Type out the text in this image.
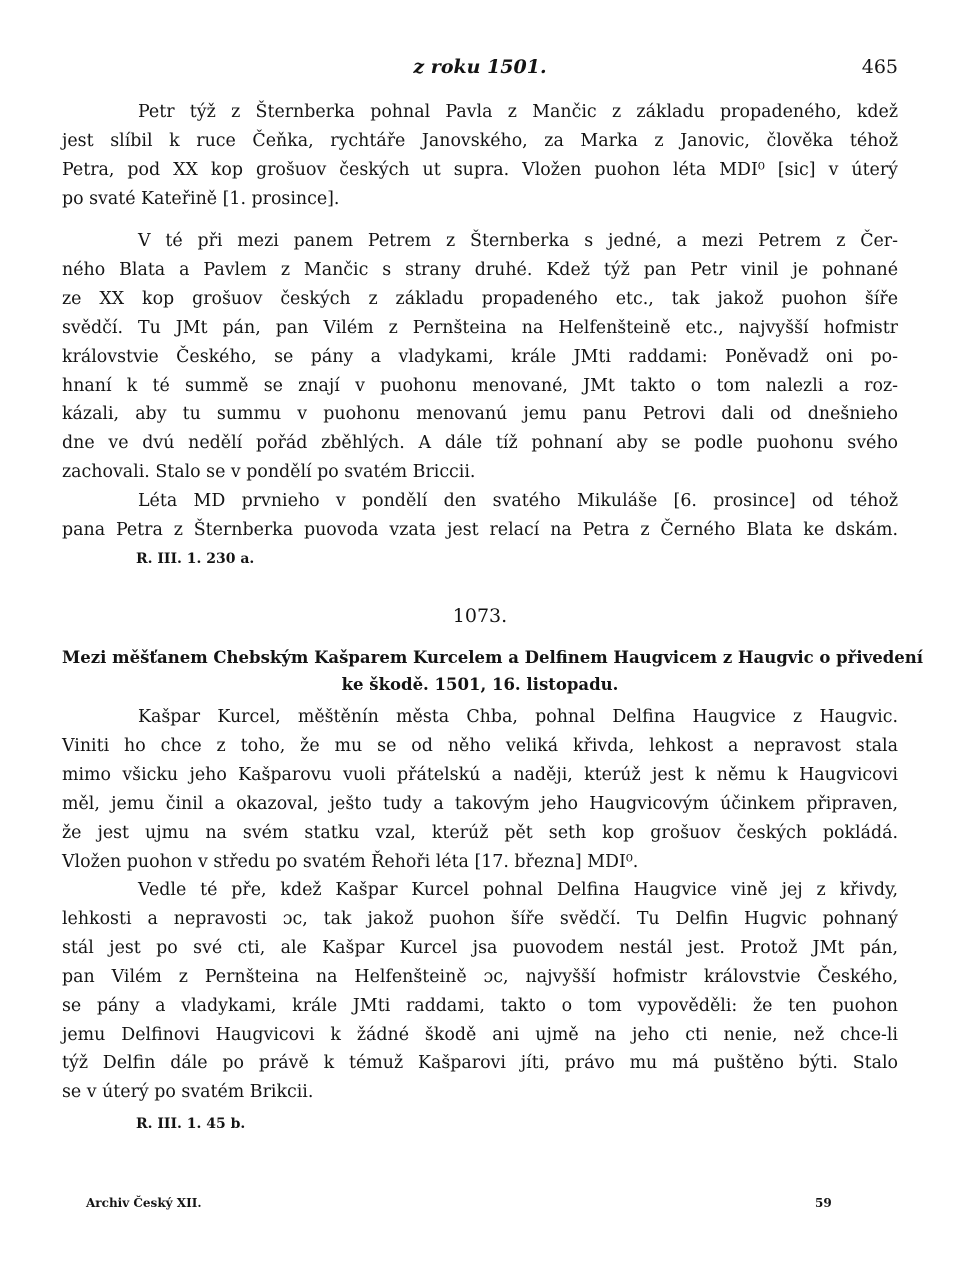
z roku 1501.	465

Petr týž z Šternberka pohnal Pavla z Mančic z základu propadeného, kdež
jest slíbil k ruce Čeňka, rychtáře Janovského, za Marka z Janovic, člověka téhož
Petra, pod XX kop grošuov českých ut supra. Vložen puohon léta MDI⁰ [sic] v úterý
po svaté Kateřině [1. prosince].

V té při mezi panem Petrem z Šternberka s jedné, a mezi Petrem z Čer-
ného Blata a Pavlem z Mančic s strany druhé. Kdež týž pan Petr vinil je pohnané
ze XX kop grošuov českých z základu propadeného etc., tak jakož puohon šíře
svědčí. Tu JMt pán, pan Vilém z Pernšteina na Helfenšteině etc., najvyšší hofmistr
královstvie Českého, se pány a vladykami, krále JMti raddami: Poněvadž oni po-
hnaní k té summě se znají v puohonu menované, JMt takto o tom nalezli a roz-
kázali, aby tu summu v puohonu menovanú jemu panu Petrovi dali od dnešnieho
dne ve dvú nedělí pořád zběhlých. A dále tíž pohnaní aby se podle puohonu svého
zachovali. Stalo se v pondělí po svatém Briccii.

Léta MD prvnieho v pondělí den svatého Mikuláše [6. prosince] od téhož
pana Petra z Šternberka puovoda vzata jest relací na Petra z Černého Blata ke dskám.

R. III. 1. 230 a.

1073.

Mezi měšťanem Chebským Kašparem Kurcelem a Delfinem Haugvicem z Haugvic o přivedení
ke škodě. 1501, 16. listopadu.

Kašpar Kurcel, měštěnín města Chba, pohnal Delfina Haugvice z Haugvic.
Viniti ho chce z toho, že mu se od něho veliká křivda, lehkost a nepravost stala
mimo všicku jeho Kašparovu vuoli přátelskú a naději, kterúž jest k němu k Haugvicovi
měl, jemu činil a okazoval, ješto tudy a takovým jeho Haugvicovým účinkem připraven,
že jest ujmu na svém statku vzal, kterúž pět seth kop grošuov českých pokládá.
Vložen puohon v středu po svatém Řehoři léta [17. března] MDI⁰.

Vedle té pře, kdež Kašpar Kurcel pohnal Delfina Haugvice vině jej z křivdy,
lehkosti a nepravosti ɔc, tak jakož puohon šíře svědčí. Tu Delfin Hugvic pohnaný
stál jest po své cti, ale Kašpar Kurcel jsa puovodem nestál jest. Protož JMt pán,
pan Vilém z Pernšteina na Helfenšteině ɔc, najvyšší hofmistr královstvie Českého,
se pány a vladykami, krále JMti raddami, takto o tom vypověděli: že ten puohon
jemu Delfinovi Haugvicovi k žádné škodě ani ujmě na jeho cti nenie, než chce-li
týž Delfin dále po právě k témuž Kašparovi jíti, právo mu má puštěno býti. Stalo
se v úterý po svatém Brikcii.

R. III. 1. 45 b.

Archiv Český XII.	59
